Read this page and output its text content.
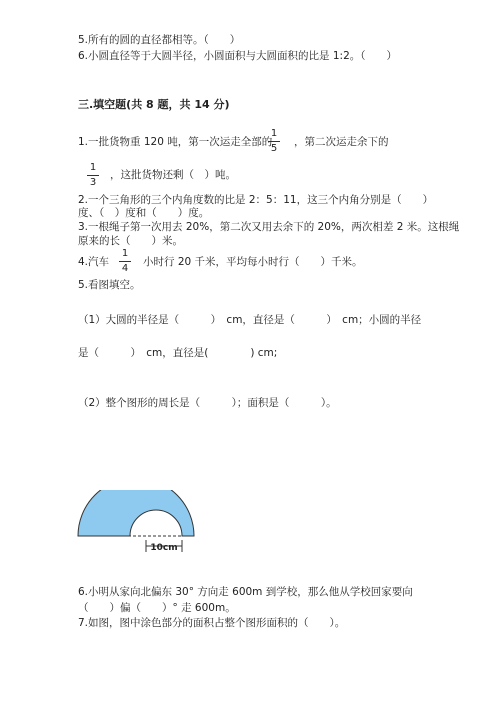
5.所有的圆的直径都相等。（　　）
6.小圆直径等于大圆半径，小圆面积与大圆面积的比是 1:2。（　　）
三.填空题(共 8 题，共 14 分)
1.一批货物重 120 吨，第一次运走全部的
1
5
，第二次运走余下的
1
3
，这批货物还剩（　）吨。
2.一个三角形的三个内角度数的比是 2：5：11，这三个内角分别是（　　）
度、（　）度和（　　）度。
3.一根绳子第一次用去 20%，第二次又用去余下的 20%，两次相差 2 米。这根绳
原来的长（　　）米。
4.汽车
1
4
小时行 20 千米，平均每小时行（　　）千米。
5.看图填空。
（1）大圆的半径是（　　　）　cm，直径是（　　　）　cm；小圆的半径
是（　　　）　cm，直径是(　　　　) cm;
（2）整个图形的周长是（　　　）；面积是（　　　）。
10cm
6.小明从家向北偏东 30° 方向走 600m 到学校，那么他从学校回家要向
（　　）偏（　　）° 走 600m。
7.如图，图中涂色部分的面积占整个图形面积的（　　）。
